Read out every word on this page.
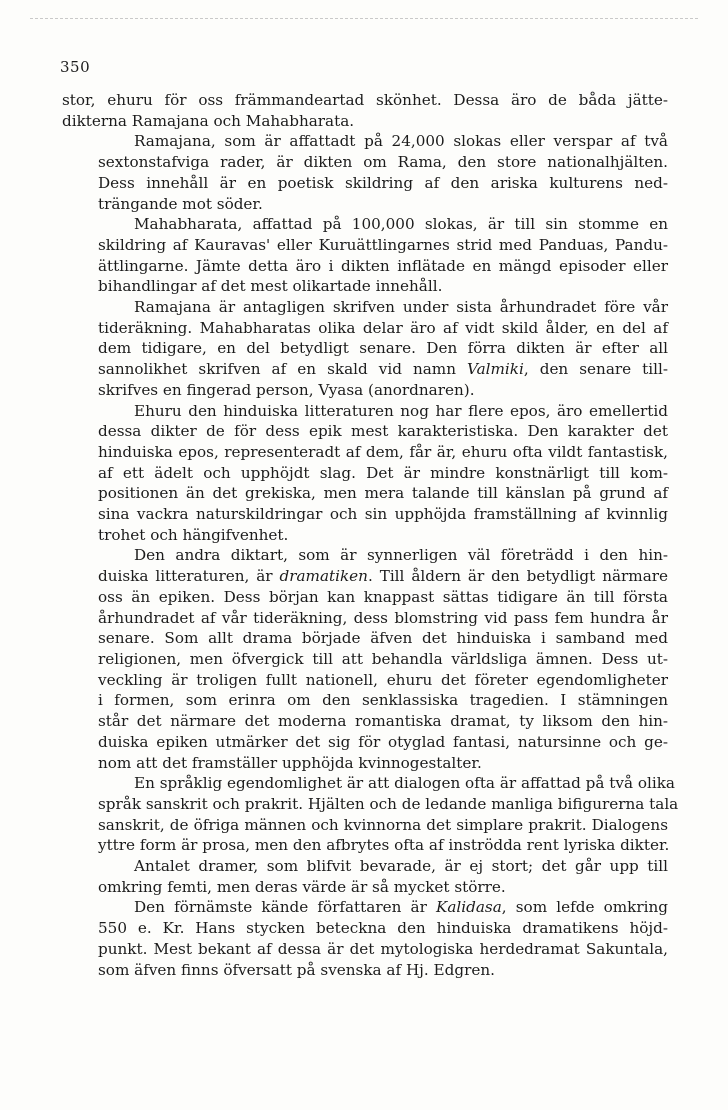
350

stor, ehuru för oss främmandeartad skönhet. Dessa äro de båda jätte-
dikterna Ramajana och Mahabharata.

Ramajana, som är affattadt på 24,000 slokas eller verspar af två
sextonstafviga rader, är dikten om Rama, den store nationalhjälten.
Dess innehåll är en poetisk skildring af den ariska kulturens ned-
trängande mot söder.

Mahabharata, affattad på 100,000 slokas, är till sin stomme en
skildring af Kauravas' eller Kuruättlingarnes strid med Panduas, Pandu-
ättlingarne. Jämte detta äro i dikten inflätade en mängd episoder eller
bihandlingar af det mest olikartade innehåll.

Ramajana är antagligen skrifven under sista århundradet före vår
tideräkning. Mahabharatas olika delar äro af vidt skild ålder, en del af
dem tidigare, en del betydligt senare. Den förra dikten är efter all
sannolikhet skrifven af en skald vid namn Valmiki, den senare till-
skrifves en fingerad person, Vyasa (anordnaren).

Ehuru den hinduiska litteraturen nog har flere epos, äro emellertid
dessa dikter de för dess epik mest karakteristiska. Den karakter det
hinduiska epos, representeradt af dem, får är, ehuru ofta vildt fantastisk,
af ett ädelt och upphöjdt slag. Det är mindre konstnärligt till kom-
positionen än det grekiska, men mera talande till känslan på grund af
sina vackra naturskildringar och sin upphöjda framställning af kvinnlig
trohet och hängifvenhet.

Den andra diktart, som är synnerligen väl företrädd i den hin-
duiska litteraturen, är dramatiken. Till åldern är den betydligt närmare
oss än epiken. Dess början kan knappast sättas tidigare än till första
århundradet af vår tideräkning, dess blomstring vid pass fem hundra år
senare. Som allt drama började äfven det hinduiska i samband med
religionen, men öfvergick till att behandla världsliga ämnen. Dess ut-
veckling är troligen fullt nationell, ehuru det företer egendomligheter
i formen, som erinra om den senklassiska tragedien. I stämningen
står det närmare det moderna romantiska dramat, ty liksom den hin-
duiska epiken utmärker det sig för otyglad fantasi, natursinne och ge-
nom att det framställer upphöjda kvinnogestalter.

En språklig egendomlighet är att dialogen ofta är affattad på två olika
språk sanskrit och prakrit. Hjälten och de ledande manliga bifigurerna tala
sanskrit, de öfriga männen och kvinnorna det simplare prakrit. Dialogens
yttre form är prosa, men den afbrytes ofta af inströdda rent lyriska dikter.

Antalet dramer, som blifvit bevarade, är ej stort; det går upp till
omkring femti, men deras värde är så mycket större.

Den förnämste kände författaren är Kalidasa, som lefde omkring
550 e. Kr. Hans stycken beteckna den hinduiska dramatikens höjd-
punkt. Mest bekant af dessa är det mytologiska herdedramat Sakuntala,
som äfven finns öfversatt på svenska af Hj. Edgren.
